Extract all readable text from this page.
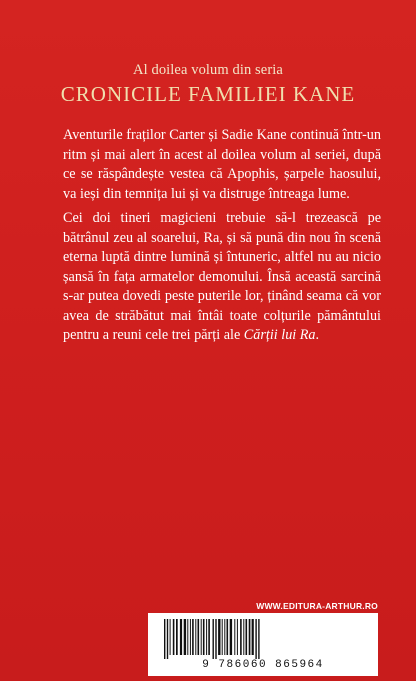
Al doilea volum din seria
CRONICILE FAMILIEI KANE

Aventurile fraților Carter și Sadie Kane continuă într-un ritm și mai alert în acest al doilea volum al seriei, după ce se răspândește vestea că Apophis, șarpele haosului, va ieși din temnița lui și va distruge întreaga lume.

Cei doi tineri magicieni trebuie să-l trezească pe bătrânul zeu al soarelui, Ra, și să pună din nou în scenă eterna luptă dintre lumină și întuneric, altfel nu au nicio șansă în fața armatelor demonului. Însă această sarcină s-ar putea dovedi peste puterile lor, ținând seama că vor avea de străbătut mai întâi toate colțurile pământului pentru a reuni cele trei părți ale Cărții lui Ra.

WWW.EDITURA-ARTHUR.RO
9 786060 865964
